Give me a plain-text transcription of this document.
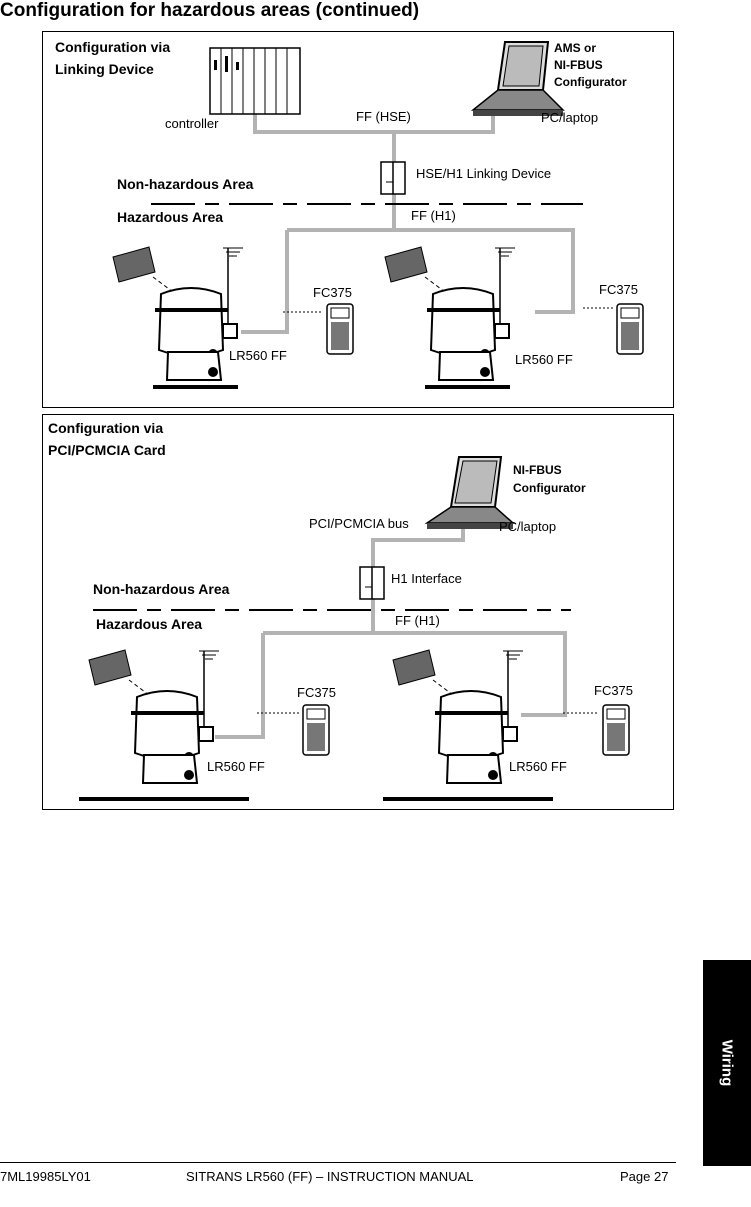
Configuration for hazardous areas (continued)
Configuration via
Linking Device
AMS or
NI-FBUS
Configurator
controller	FF (HSE)	PC/laptop
HSE/H1 Linking Device
Non-hazardous Area
Hazardous Area	FF (H1)
FC375	FC375
LR560 FF	LR560 FF
Configuration via
PCI/PCMCIA Card
NI-FBUS
Configurator
PCI/PCMCIA bus	PC/laptop
H1 Interface
Non-hazardous Area
Hazardous Area	FF (H1)
FC375	FC375
LR560 FF	LR560 FF
Wiring
7ML19985LY01	SITRANS LR560 (FF) – INSTRUCTION MANUAL	Page 27
